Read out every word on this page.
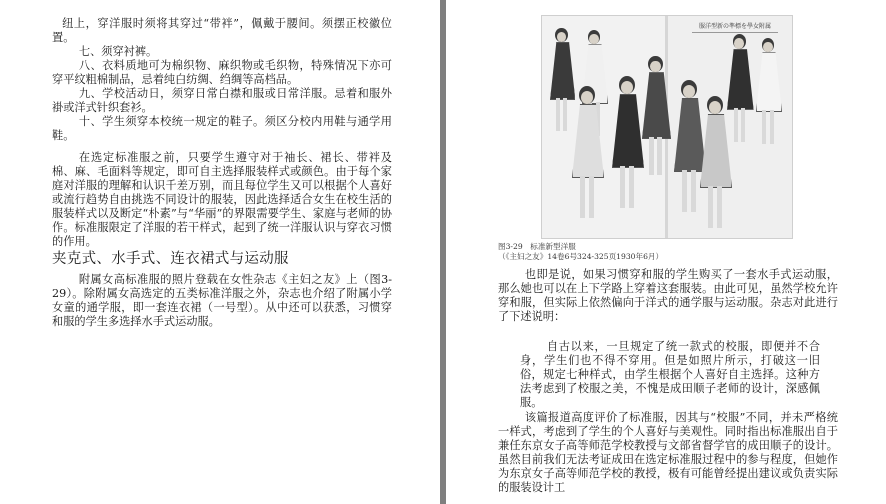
纽上，穿洋服时须将其穿过“带袢”，佩戴于腰间。须摆正校徽位置。

七、须穿衬裤。

八、衣料质地可为棉织物、麻织物或毛织物，特殊情况下亦可穿平纹粗棉制品，忌着纯白纺绸、绉绸等高档品。

九、学校活动日，须穿日常白襟和服或日常洋服。忌着和服外褂或洋式针织套衫。

十、学生须穿本校统一规定的鞋子。须区分校内用鞋与通学用鞋。

在选定标准服之前，只要学生遵守对于袖长、裙长、带袢及棉、麻、毛面料等规定，即可自主选择服装样式或颜色。由于每个家庭对洋服的理解和认识千差万别，而且每位学生又可以根据个人喜好或流行趋势自由挑选不同设计的服装，因此选择适合女生在校生活的服装样式以及断定“朴素”与“华丽”的界限需要学生、家庭与老师的协作。标准服限定了洋服的若干样式，起到了统一洋服认识与穿衣习惯的作用。

夹克式、水手式、连衣裙式与运动服

附属女高标准服的照片登载在女性杂志《主妇之友》上（图3-29）。除附属女高选定的五类标准洋服之外，杂志也介绍了附属小学女童的通学服，即一套连衣裙（一号型）。从中还可以获悉，习惯穿和服的学生多选择水手式运动服。

服洋型新の準標を學女附属

图3-29　标准新型洋服
（《主妇之友》14卷6号324-325页1930年6月）

也即是说，如果习惯穿和服的学生购买了一套水手式运动服，那么她也可以在上下学路上穿着这套服装。由此可见，虽然学校允许穿和服，但实际上依然偏向于洋式的通学服与运动服。杂志对此进行了下述说明：

自古以来，一旦规定了统一款式的校服，即便并不合身，学生们也不得不穿用。但是如照片所示，打破这一旧俗，规定七种样式，由学生根据个人喜好自主选择。这种方法考虑到了校服之美，不愧是成田顺子老师的设计，深感佩服。

该篇报道高度评价了标准服，因其与“校服”不同，并未严格统一样式，考虑到了学生的个人喜好与美观性。同时指出标准服出自于兼任东京女子高等师范学校教授与文部省督学官的成田顺子的设计。虽然目前我们无法考证成田在选定标准服过程中的参与程度，但她作为东京女子高等师范学校的教授，极有可能曾经提出建议或负责实际的服装设计工
